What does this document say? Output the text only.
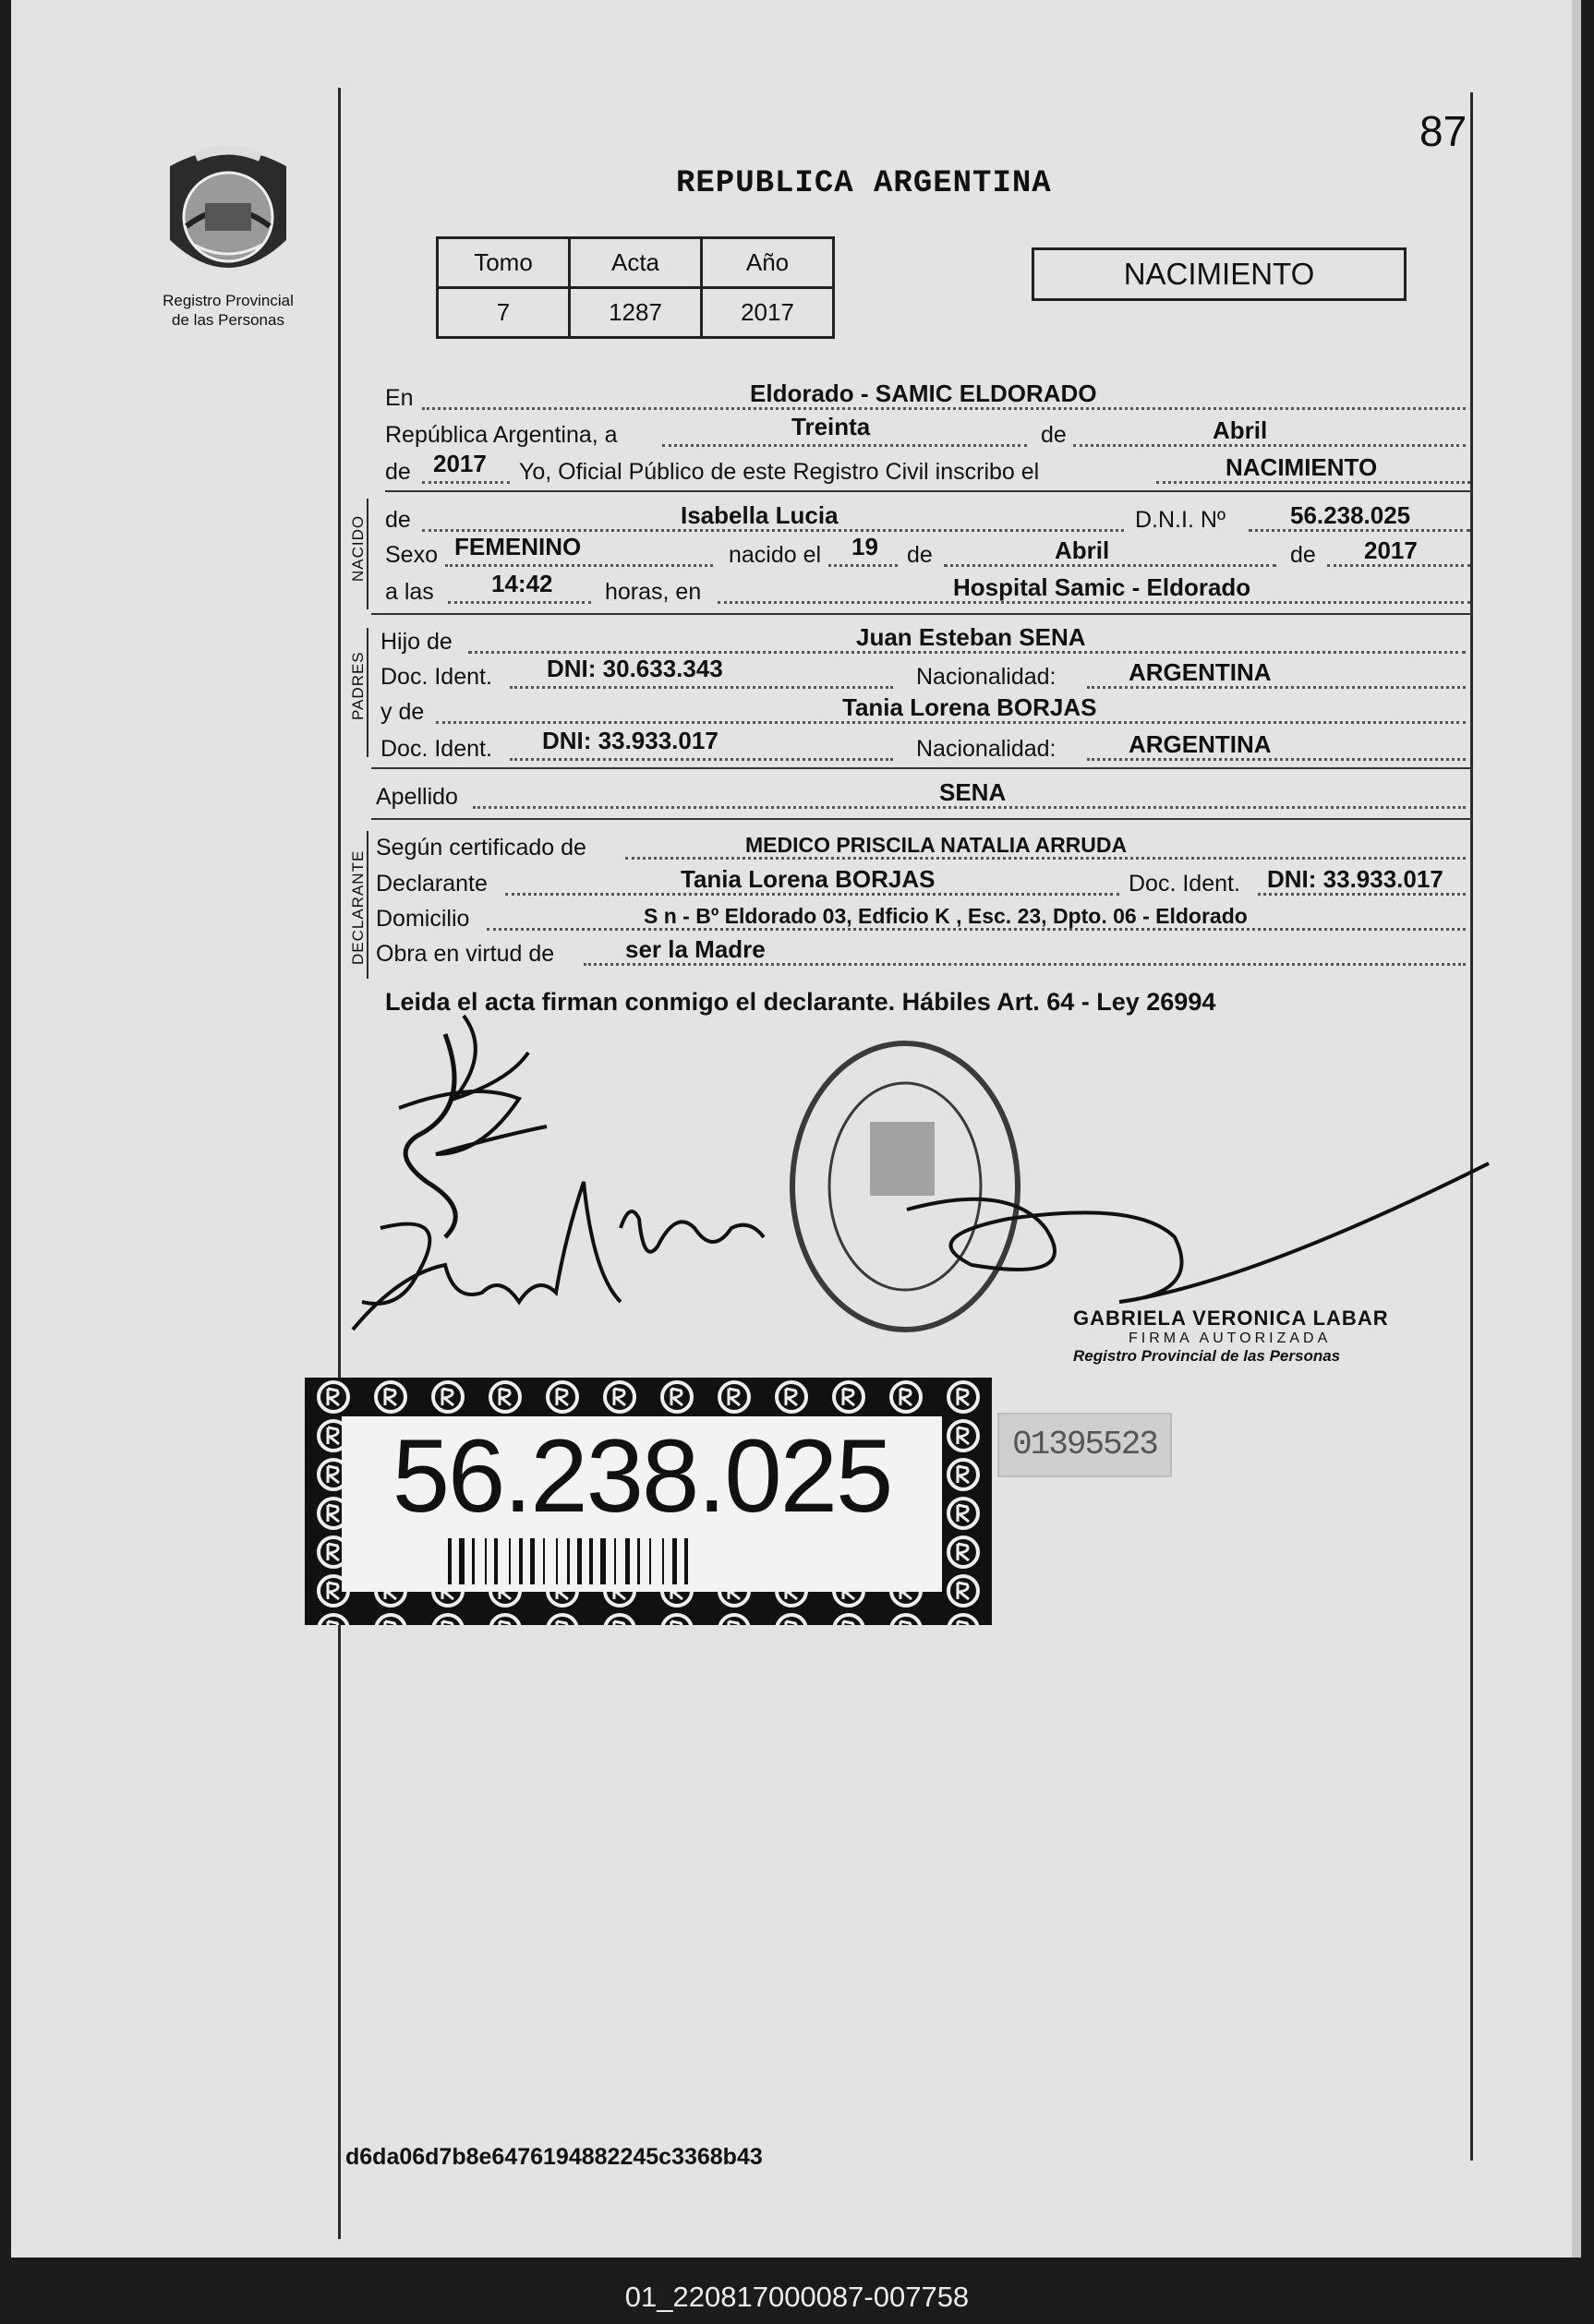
87
Registro Provincial
de las Personas
REPUBLICA ARGENTINA
Tomo	Acta	Año
7	1287	2017
NACIMIENTO
NACIDO
PADRES
DECLARANTE
En	Eldorado - SAMIC ELDORADO
República Argentina, a	Treinta	de	Abril
de 2017 Yo, Oficial Público de este Registro Civil inscribo el	NACIMIENTO
de	Isabella Lucia	D.N.I. Nº	56.238.025
Sexo FEMENINO	nacido el 19 de	Abril	de 2017
a las 14:42 horas, en	Hospital Samic - Eldorado
Hijo de	Juan Esteban SENA
Doc. Ident. DNI: 30.633.343	Nacionalidad:	ARGENTINA
y de	Tania Lorena BORJAS
Doc. Ident. DNI: 33.933.017	Nacionalidad:	ARGENTINA
Apellido	SENA
Según certificado de	MEDICO PRISCILA NATALIA ARRUDA
Declarante	Tania Lorena BORJAS	Doc. Ident. DNI: 33.933.017
Domicilio	S n - Bº Eldorado 03, Edficio K , Esc. 23, Dpto. 06 - Eldorado
Obra en virtud de	ser la Madre
Leida el acta firman conmigo el declarante. Hábiles Art. 64 - Ley 26994
GABRIELA VERONICA LABAR
FIRMA AUTORIZADA
Registro Provincial de las Personas
56.238.025	01395523
d6da06d7b8e6476194882245c3368b43
01_220817000087-007758
